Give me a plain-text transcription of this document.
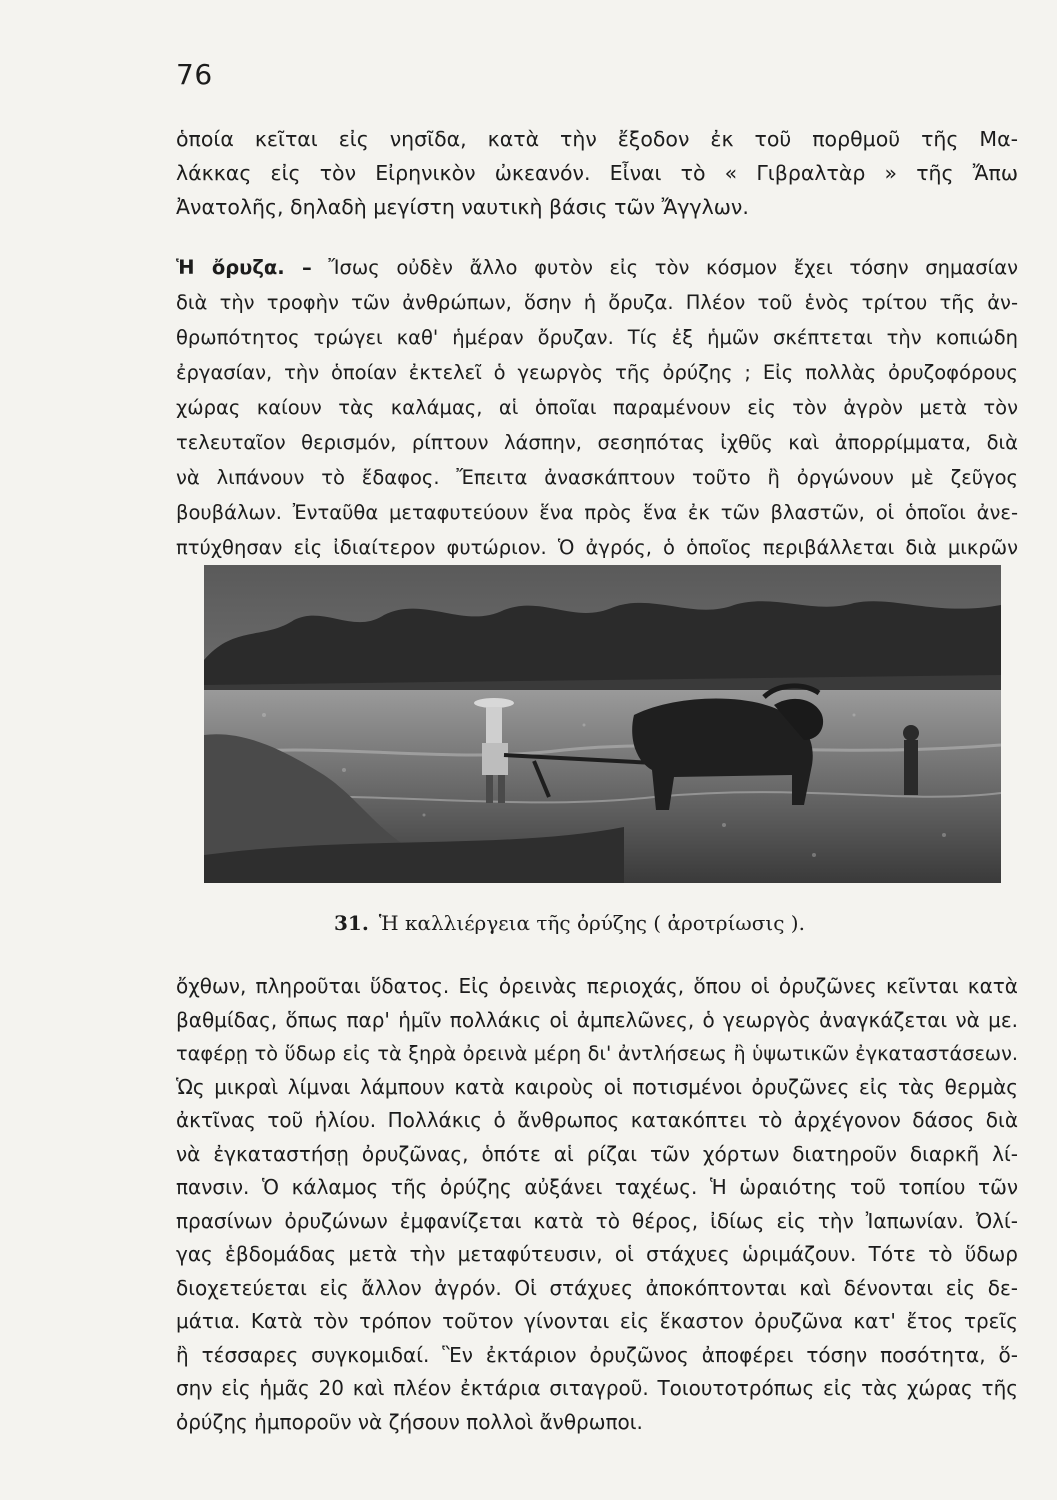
76
ὁποία κεῖται εἰς νησῖδα, κατὰ τὴν ἔξοδον ἐκ τοῦ πορθμοῦ τῆς Μα-
λάκκας εἰς τὸν Εἰρηνικὸν ὠκεανόν. Εἶναι τὸ « Γιβραλτὰρ » τῆς Ἄπω
Ἀνατολῆς, δηλαδὴ μεγίστη ναυτικὴ βάσις τῶν Ἄγγλων.
Ἡ ὄρυζα. – Ἴσως οὐδὲν ἄλλο φυτὸν εἰς τὸν κόσμον ἔχει τόσην σημασίαν
διὰ τὴν τροφὴν τῶν ἀνθρώπων, ὅσην ἡ ὄρυζα. Πλέον τοῦ ἑνὸς τρίτου τῆς ἀν-
θρωπότητος τρώγει καθ' ἡμέραν ὄρυζαν. Τίς ἐξ ἡμῶν σκέπτεται τὴν κοπιώδη
ἐργασίαν, τὴν ὁποίαν ἐκτελεῖ ὁ γεωργὸς τῆς ὀρύζης ; Εἰς πολλὰς ὀρυζοφόρους
χώρας καίουν τὰς καλάμας, αἱ ὁποῖαι παραμένουν εἰς τὸν ἀγρὸν μετὰ τὸν
τελευταῖον θερισμόν, ρίπτουν λάσπην, σεσηπότας ἰχθῦς καὶ ἀπορρίμματα, διὰ
νὰ λιπάνουν τὸ ἔδαφος. Ἔπειτα ἀνασκάπτουν τοῦτο ἢ ὀργώνουν μὲ ζεῦγος
βουβάλων. Ἐνταῦθα μεταφυτεύουν ἕνα πρὸς ἕνα ἐκ τῶν βλαστῶν, οἱ ὁποῖοι ἀνε-
πτύχθησαν εἰς ἰδιαίτερον φυτώριον. Ὁ ἀγρός, ὁ ὁποῖος περιβάλλεται διὰ μικρῶν
31. Ἡ καλλιέργεια τῆς ὀρύζης ( ἀροτρίωσις ).
ὄχθων, πληροῦται ὕδατος. Εἰς ὀρεινὰς περιοχάς, ὅπου οἱ ὀρυζῶνες κεῖνται κατὰ
βαθμίδας, ὅπως παρ' ἡμῖν πολλάκις οἱ ἀμπελῶνες, ὁ γεωργὸς ἀναγκάζεται νὰ με.
ταφέρῃ τὸ ὕδωρ εἰς τὰ ξηρὰ ὀρεινὰ μέρη δι' ἀντλήσεως ἢ ὑψωτικῶν ἐγκαταστάσεων.
Ὡς μικραὶ λίμναι λάμπουν κατὰ καιροὺς οἱ ποτισμένοι ὀρυζῶνες εἰς τὰς θερμὰς
ἀκτῖνας τοῦ ἡλίου. Πολλάκις ὁ ἄνθρωπος κατακόπτει τὸ ἀρχέγονον δάσος διὰ
νὰ ἐγκαταστήσῃ ὀρυζῶνας, ὁπότε αἱ ρίζαι τῶν χόρτων διατηροῦν διαρκῆ λί-
πανσιν. Ὁ κάλαμος τῆς ὀρύζης αὐξάνει ταχέως. Ἡ ὡραιότης τοῦ τοπίου τῶν
πρασίνων ὀρυζώνων ἐμφανίζεται κατὰ τὸ θέρος, ἰδίως εἰς τὴν Ἰαπωνίαν. Ὀλί-
γας ἑβδομάδας μετὰ τὴν μεταφύτευσιν, οἱ στάχυες ὡριμάζουν. Τότε τὸ ὕδωρ
διοχετεύεται εἰς ἄλλον ἀγρόν. Οἱ στάχυες ἀποκόπτονται καὶ δένονται εἰς δε-
μάτια. Κατὰ τὸν τρόπον τοῦτον γίνονται εἰς ἕκαστον ὀρυζῶνα κατ' ἔτος τρεῖς
ἢ τέσσαρες συγκομιδαί. Ἓν ἐκτάριον ὀρυζῶνος ἀποφέρει τόσην ποσότητα, ὅ-
σην εἰς ἡμᾶς 20 καὶ πλέον ἐκτάρια σιταγροῦ. Τοιουτοτρόπως εἰς τὰς χώρας τῆς
ὀρύζης ἠμποροῦν νὰ ζήσουν πολλοὶ ἄνθρωποι.
